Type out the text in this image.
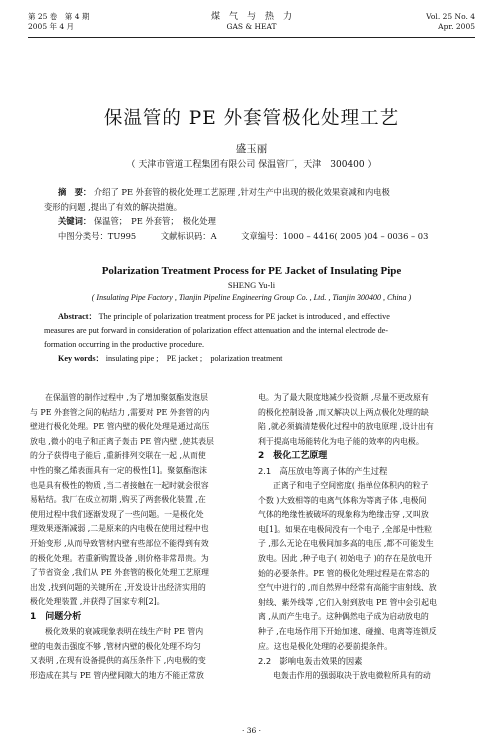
第 25 卷　第 4 期
2005 年 4 月
煤　气　与　热　力
GAS & HEAT
Vol. 25 No. 4
Apr. 2005
保温管的 PE 外套管极化处理工艺
盛玉丽
（ 天津市管道工程集团有限公司 保温管厂，天津　300400 ）
摘　要： 介绍了 PE 外套管的极化处理工艺原理 ,针对生产中出现的极化效果衰减和内电极
变形的问题 ,提出了有效的解决措施。
关键词： 保温管；　PE 外套管；　极化处理
中图分类号：TU995	文献标识码：A	文章编号：1000 – 4416( 2005 )04 – 0036 – 03
Polarization Treatment Process for PE Jacket of Insulating Pipe
SHENG Yu-li
( Insulating Pipe Factory , Tianjin Pipeline Engineering Group Co. , Ltd. , Tianjin 300400 , China )
Abstract： The principle of polarization treatment process for PE jacket is introduced , and effective
measures are put forward in consideration of polarization effect attenuation and the internal electrode de-
formation occurring in the productive procedure.
Key words： insulating pipe ;　PE jacket ;　polarization treatment
在保温管的制作过程中 ,为了增加聚氨酯发泡层
与 PE 外套管之间的粘结力 ,需要对 PE 外套管的内
壁进行极化处理。PE 管内壁的极化处理是通过高压
放电 ,微小的电子和正离子轰击 PE 管内壁 ,使其表层
的分子获得电子能后 ,重新排列交联在一起 ,从而使
中性的聚乙烯表面具有一定的极性[1]。聚氨酯泡沫
也是具有极性的物质 ,当二者接触在一起时就会很容
易粘结。我厂在成立初期 ,购买了两套极化装置 ,在
使用过程中我们逐渐发现了一些问题。一是极化处
理效果逐渐减弱 ,二是原来的内电极在使用过程中也
开始变形 ,从而导致管材内壁有些部位不能得到有效
的极化处理。若重新购置设备 ,则价格非常昂贵。为
了节省资金 ,我们从 PE 外套管的极化处理工艺原理
出发 ,找到问题的关键所在 ,开发设计出经济实用的
极化处理装置 ,并获得了国家专利[2]。
1　问题分析
极化效果的衰减现象表明在线生产时 PE 管内
壁的电轰击强度不够 ,管材内壁的极化处理不均匀
又表明 ,在现有设备提供的高压条件下 ,内电极的变
形造成在其与 PE 管内壁间隙大的地方不能正常放
电。为了最大限度地减少投资额 ,尽量不更改原有
的极化控制设备 ,而又解决以上两点极化处理的缺
陷 ,就必须搞清楚极化过程中的放电原理 ,设计出有
利于提高电场能转化为电子能的效率的内电极。
2　极化工艺原理
2.1　高压放电等离子体的产生过程
正离子和电子空间密度( 指单位体积内的粒子
个数 )大致相等的电离气体称为等离子体 ,电极间
气体的绝缘性被破坏的现象称为绝缘击穿 ,又叫放
电[1]。如果在电极间没有一个电子 ,全部是中性粒
子 ,那么无论在电极间加多高的电压 ,都不可能发生
放电。因此 ,种子电子( 初始电子 )的存在是放电开
始的必要条件。PE 管的极化处理过程是在常态的
空气中进行的 ,而自然界中经常有高能宇宙射线、放
射线、紫外线等 ,它们入射到放电 PE 管中会引起电
离 ,从而产生电子。这种偶然电子成为启动放电的
种子 ,在电场作用下开始加速、碰撞、电离等连锁反
应。这也是极化处理的必要前提条件。
2.2　影响电轰击效果的因素
电轰击作用的强弱取决于放电微粒所具有的动
· 36 ·
